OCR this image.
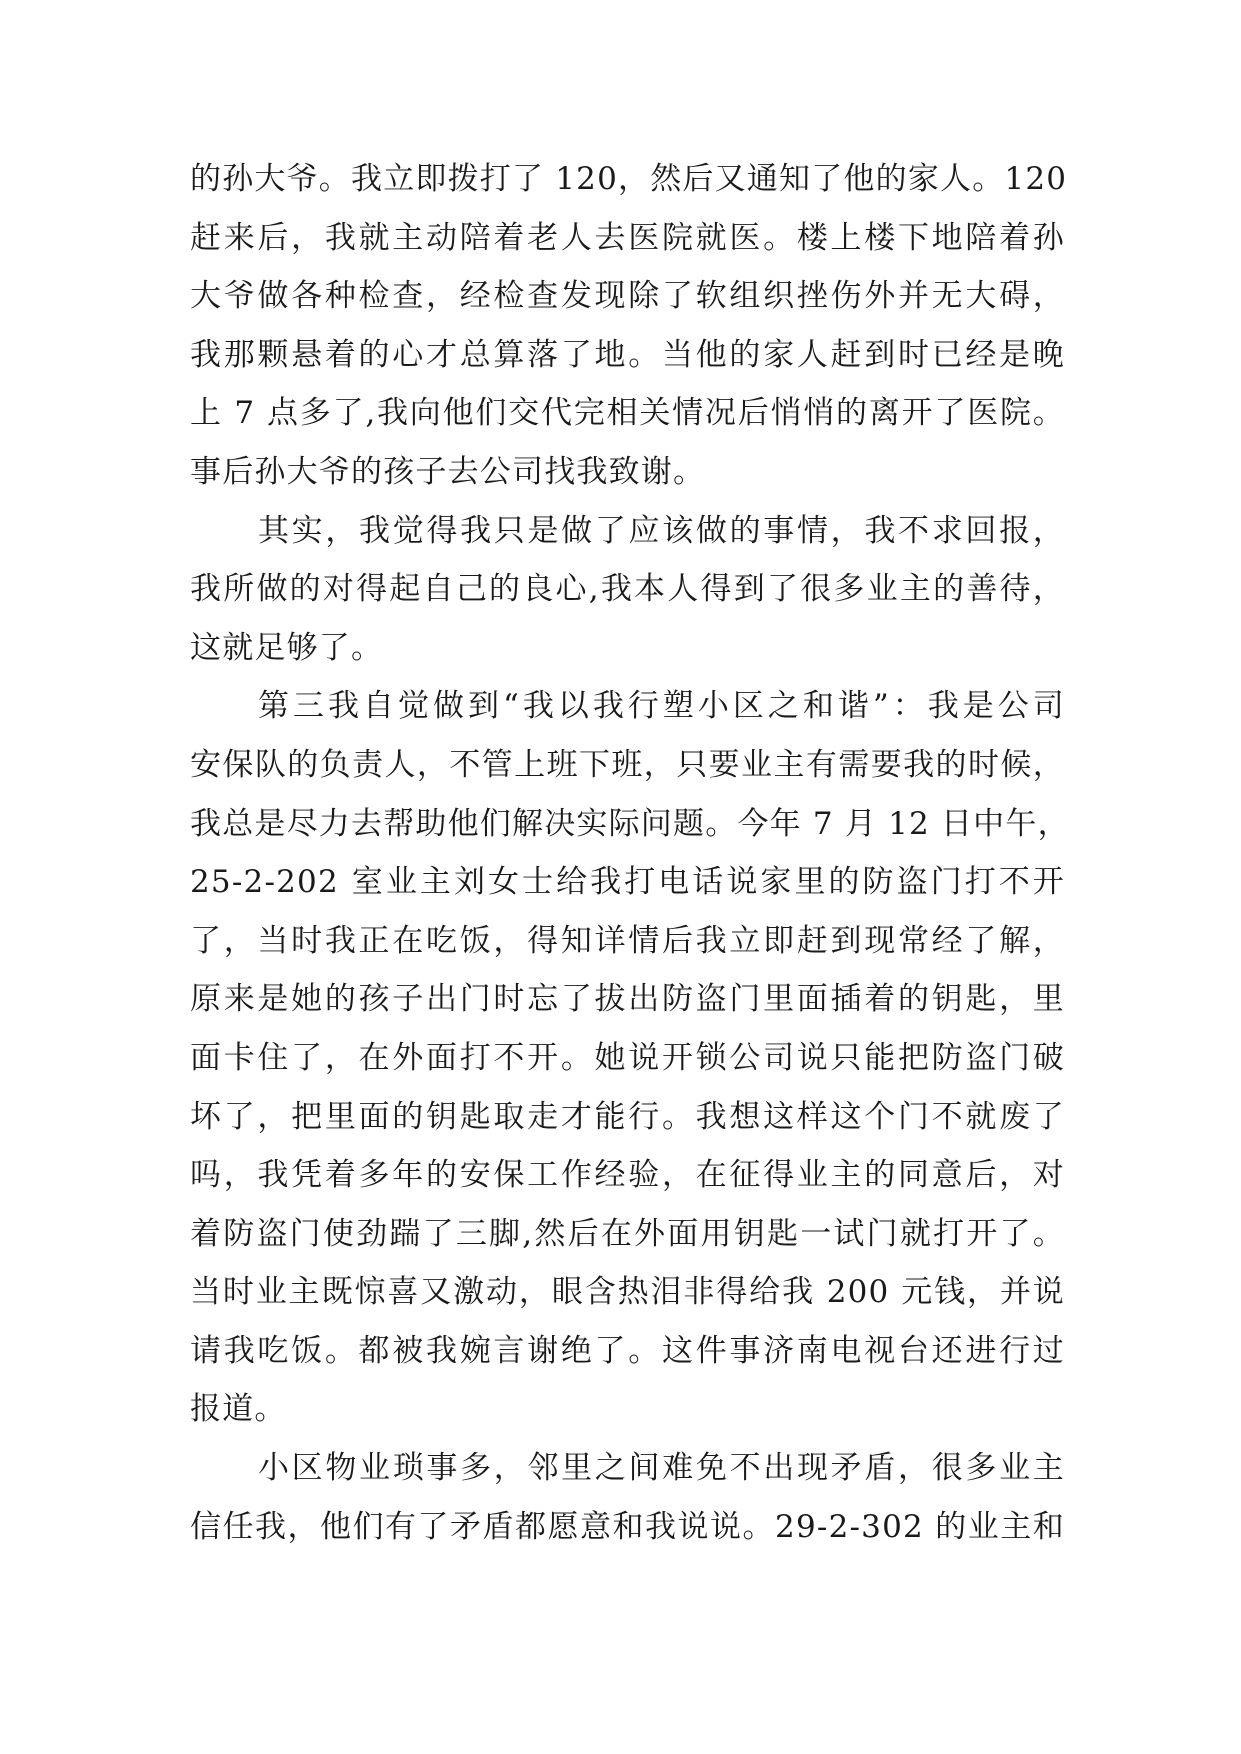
的孙大爷。我立即拨打了 120，然后又通知了他的家人。120
赶来后，我就主动陪着老人去医院就医。楼上楼下地陪着孙
大爷做各种检查，经检查发现除了软组织挫伤外并无大碍，
我那颗悬着的心才总算落了地。当他的家人赶到时已经是晚
上 7 点多了,我向他们交代完相关情况后悄悄的离开了医院。
事后孙大爷的孩子去公司找我致谢。
其实，我觉得我只是做了应该做的事情，我不求回报，
我所做的对得起自己的良心,我本人得到了很多业主的善待，
这就足够了。
第三我自觉做到“我以我行塑小区之和谐”：我是公司
安保队的负责人，不管上班下班，只要业主有需要我的时候，
我总是尽力去帮助他们解决实际问题。今年 7 月 12 日中午，
25-2-202 室业主刘女士给我打电话说家里的防盗门打不开
了，当时我正在吃饭，得知详情后我立即赶到现常经了解，
原来是她的孩子出门时忘了拔出防盗门里面插着的钥匙，里
面卡住了，在外面打不开。她说开锁公司说只能把防盗门破
坏了，把里面的钥匙取走才能行。我想这样这个门不就废了
吗，我凭着多年的安保工作经验，在征得业主的同意后，对
着防盗门使劲踹了三脚,然后在外面用钥匙一试门就打开了。
当时业主既惊喜又激动，眼含热泪非得给我 200 元钱，并说
请我吃饭。都被我婉言谢绝了。这件事济南电视台还进行过
报道。
小区物业琐事多，邻里之间难免不出现矛盾，很多业主
信任我，他们有了矛盾都愿意和我说说。29-2-302 的业主和
